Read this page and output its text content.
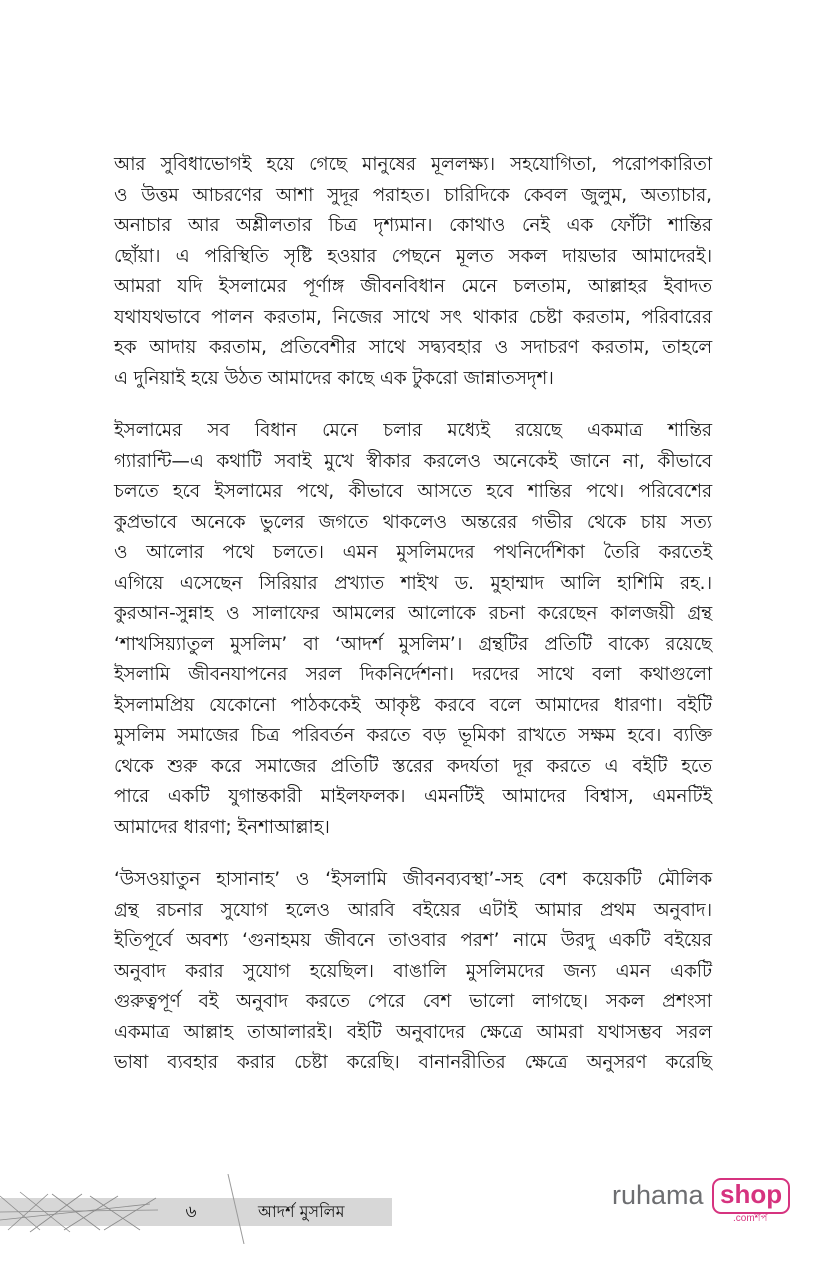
আর সুবিধাভোগই হয়ে গেছে মানুষের মূললক্ষ্য। সহযোগিতা, পরোপকারিতা
ও উত্তম আচরণের আশা সুদূর পরাহত। চারিদিকে কেবল জুলুম, অত্যাচার,
অনাচার আর অশ্লীলতার চিত্র দৃশ্যমান। কোথাও নেই এক ফোঁটা শান্তির
ছোঁয়া। এ পরিস্থিতি সৃষ্টি হওয়ার পেছনে মূলত সকল দায়ভার আমাদেরই।
আমরা যদি ইসলামের পূর্ণাঙ্গ জীবনবিধান মেনে চলতাম, আল্লাহর ইবাদত
যথাযথভাবে পালন করতাম, নিজের সাথে সৎ থাকার চেষ্টা করতাম, পরিবারের
হক আদায় করতাম, প্রতিবেশীর সাথে সদ্ব্যবহার ও সদাচরণ করতাম, তাহলে
এ দুনিয়াই হয়ে উঠত আমাদের কাছে এক টুকরো জান্নাতসদৃশ।

ইসলামের সব বিধান মেনে চলার মধ্যেই রয়েছে একমাত্র শান্তির
গ্যারান্টি—এ কথাটি সবাই মুখে স্বীকার করলেও অনেকেই জানে না, কীভাবে
চলতে হবে ইসলামের পথে, কীভাবে আসতে হবে শান্তির পথে। পরিবেশের
কুপ্রভাবে অনেকে ভুলের জগতে থাকলেও অন্তরের গভীর থেকে চায় সত্য
ও আলোর পথে চলতে। এমন মুসলিমদের পথনির্দেশিকা তৈরি করতেই
এগিয়ে এসেছেন সিরিয়ার প্রখ্যাত শাইখ ড. মুহাম্মাদ আলি হাশিমি রহ.।
কুরআন-সুন্নাহ ও সালাফের আমলের আলোকে রচনা করেছেন কালজয়ী গ্রন্থ
‘শাখসিয়্যাতুল মুসলিম’ বা ‘আদর্শ মুসলিম’। গ্রন্থটির প্রতিটি বাক্যে রয়েছে
ইসলামি জীবনযাপনের সরল দিকনির্দেশনা। দরদের সাথে বলা কথাগুলো
ইসলামপ্রিয় যেকোনো পাঠককেই আকৃষ্ট করবে বলে আমাদের ধারণা। বইটি
মুসলিম সমাজের চিত্র পরিবর্তন করতে বড় ভূমিকা রাখতে সক্ষম হবে। ব্যক্তি
থেকে শুরু করে সমাজের প্রতিটি স্তরের কদর্যতা দূর করতে এ বইটি হতে
পারে একটি যুগান্তকারী মাইলফলক। এমনটিই আমাদের বিশ্বাস, এমনটিই
আমাদের ধারণা; ইনশাআল্লাহ।

‘উসওয়াতুন হাসানাহ’ ও ‘ইসলামি জীবনব্যবস্থা’-সহ বেশ কয়েকটি মৌলিক
গ্রন্থ রচনার সুযোগ হলেও আরবি বইয়ের এটাই আমার প্রথম অনুবাদ।
ইতিপূর্বে অবশ্য ‘গুনাহময় জীবনে তাওবার পরশ’ নামে উরদু একটি বইয়ের
অনুবাদ করার সুযোগ হয়েছিল। বাঙালি মুসলিমদের জন্য এমন একটি
গুরুত্বপূর্ণ বই অনুবাদ করতে পেরে বেশ ভালো লাগছে। সকল প্রশংসা
একমাত্র আল্লাহ তাআলারই। বইটি অনুবাদের ক্ষেত্রে আমরা যথাসম্ভব সরল
ভাষা ব্যবহার করার চেষ্টা করেছি। বানানরীতির ক্ষেত্রে অনুসরণ করেছি

৬	আদর্শ মুসলিম
ruhama shop
.comশপ
